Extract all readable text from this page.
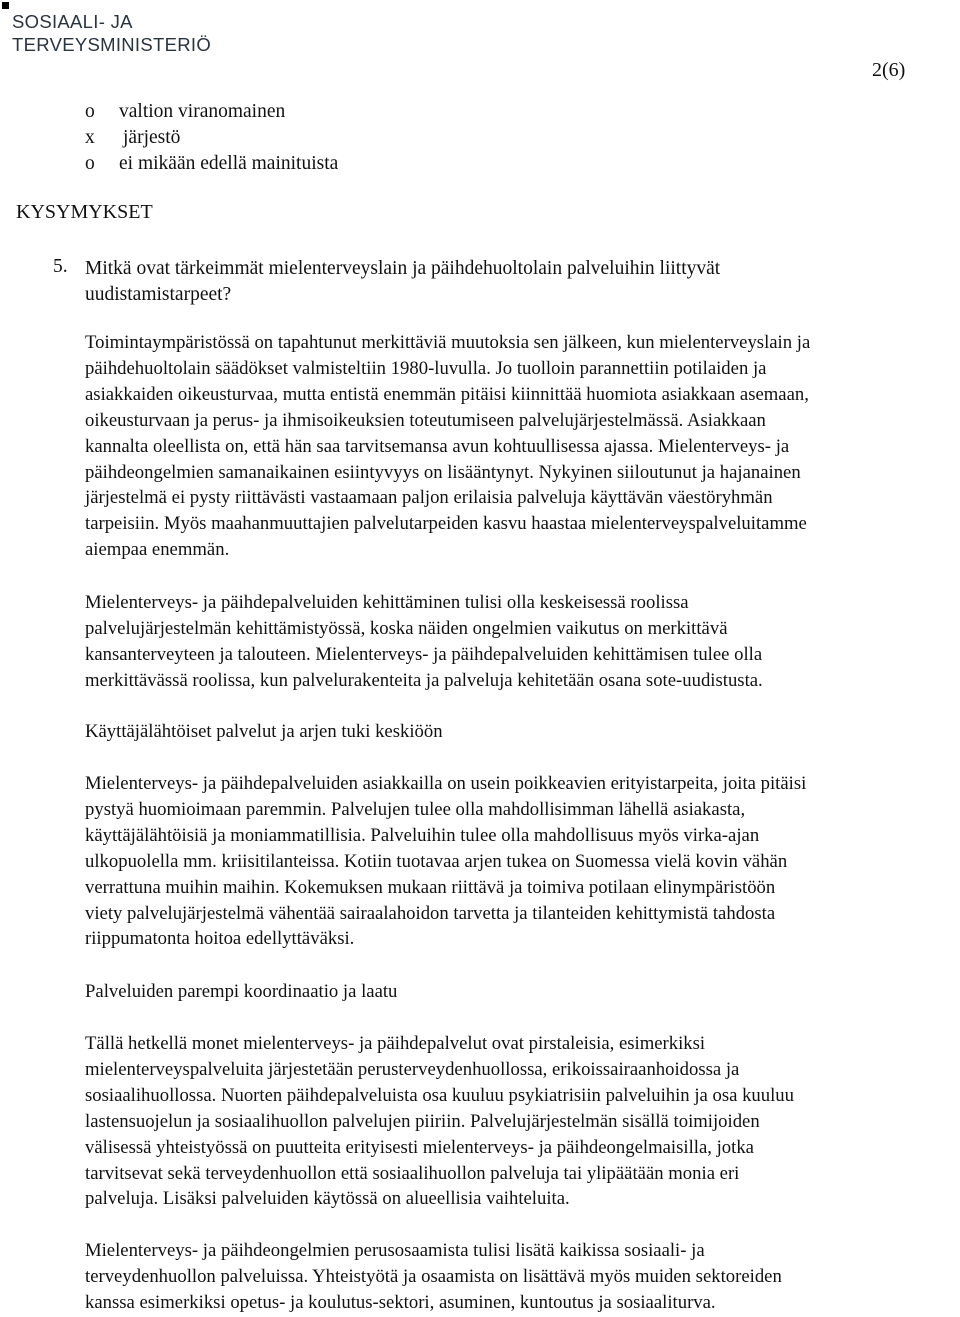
SOSIAALI- JA
TERVEYSMINISTERIÖ
2(6)
o	valtion viranomainen
x	järjestö
o	ei mikään edellä mainituista
KYSYMYKSET
5. Mitkä ovat tärkeimmät mielenterveyslain ja päihdehuoltolain palveluihin liittyvät
uudistamistarpeet?
Toimintaympäristössä on tapahtunut merkittäviä muutoksia sen jälkeen, kun mielenterveyslain ja
päihdehuoltolain säädökset valmisteltiin 1980-luvulla. Jo tuolloin parannettiin potilaiden ja
asiakkaiden oikeusturvaa, mutta entistä enemmän pitäisi kiinnittää huomiota asiakkaan asemaan,
oikeusturvaan ja perus- ja ihmisoikeuksien toteutumiseen palvelujärjestelmässä. Asiakkaan
kannalta oleellista on, että hän saa tarvitsemansa avun kohtuullisessa ajassa. Mielenterveys- ja
päihdeongelmien samanaikainen esiintyvyys on lisääntynyt. Nykyinen siiloutunut ja hajanainen
järjestelmä ei pysty riittävästi vastaamaan paljon erilaisia palveluja käyttävän väestöryhmän
tarpeisiin. Myös maahanmuuttajien palvelutarpeiden kasvu haastaa mielenterveyspalveluitamme
aiempaa enemmän.
Mielenterveys- ja päihdepalveluiden kehittäminen tulisi olla keskeisessä roolissa
palvelujärjestelmän kehittämistyössä, koska näiden ongelmien vaikutus on merkittävä
kansanterveyteen ja talouteen. Mielenterveys- ja päihdepalveluiden kehittämisen tulee olla
merkittävässä roolissa, kun palvelurakenteita ja palveluja kehitetään osana sote-uudistusta.
Käyttäjälähtöiset palvelut ja arjen tuki keskiöön
Mielenterveys- ja päihdepalveluiden asiakkailla on usein poikkeavien erityistarpeita, joita pitäisi
pystyä huomioimaan paremmin. Palvelujen tulee olla mahdollisimman lähellä asiakasta,
käyttäjälähtöisiä ja moniammatillisia. Palveluihin tulee olla mahdollisuus myös virka-ajan
ulkopuolella mm. kriisitilanteissa. Kotiin tuotavaa arjen tukea on Suomessa vielä kovin vähän
verrattuna muihin maihin. Kokemuksen mukaan riittävä ja toimiva potilaan elinympäristöön
viety palvelujärjestelmä vähentää sairaalahoidon tarvetta ja tilanteiden kehittymistä tahdosta
riippumatonta hoitoa edellyttäväksi.
Palveluiden parempi koordinaatio ja laatu
Tällä hetkellä monet mielenterveys- ja päihdepalvelut ovat pirstaleisia, esimerkiksi
mielenterveyspalveluita järjestetään perusterveydenhuollossa, erikoissairaanhoidossa ja
sosiaalihuollossa. Nuorten päihdepalveluista osa kuuluu psykiatrisiin palveluihin ja osa kuuluu
lastensuojelun ja sosiaalihuollon palvelujen piiriin. Palvelujärjestelmän sisällä toimijoiden
välisessä yhteistyössä on puutteita erityisesti mielenterveys- ja päihdeongelmaisilla, jotka
tarvitsevat sekä terveydenhuollon että sosiaalihuollon palveluja tai ylipäätään monia eri
palveluja. Lisäksi palveluiden käytössä on alueellisia vaihteluita.
Mielenterveys- ja päihdeongelmien perusosaamista tulisi lisätä kaikissa sosiaali- ja
terveydenhuollon palveluissa. Yhteistyötä ja osaamista on lisättävä myös muiden sektoreiden
kanssa esimerkiksi opetus- ja koulutus-sektori, asuminen, kuntoutus ja sosiaaliturva.
